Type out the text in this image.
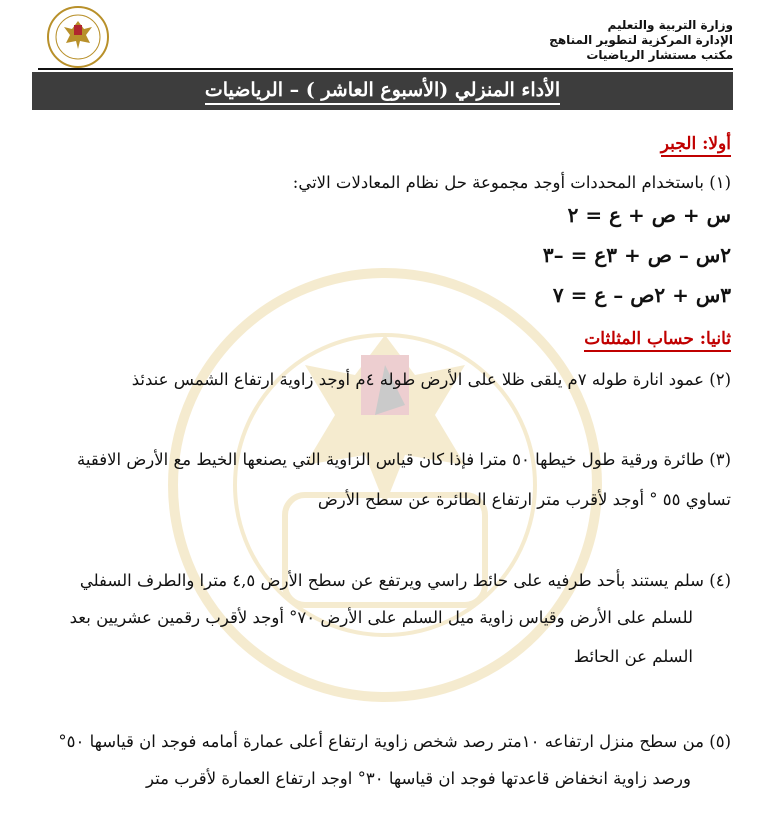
وزارة التربية والتعليم
الإدارة المركزية لتطوير المناهج
مكتب مستشار الرياضيات
الأداء المنزلي (الأسبوع العاشر ) – الرياضيات
أولا: الجبر
(١) باستخدام المحددات أوجد مجموعة حل نظام المعادلات الاتي:
س + ص + ع = ٢
٢س – ص + ٣ع = –٣
٣س + ٢ص – ع = ٧
ثانيا: حساب المثلثات
(٢) عمود انارة طوله ٧م يلقى ظلا على الأرض طوله ٤م أوجد زاوية ارتفاع الشمس عندئذ
(٣) طائرة ورقية طول خيطها ٥٠ مترا فإذا كان قياس الزاوية التي يصنعها الخيط مع الأرض الافقية
تساوي ٥٥ ° أوجد لأقرب متر ارتفاع الطائرة عن سطح الأرض
(٤) سلم يستند بأحد طرفيه على حائط راسي ويرتفع عن سطح الأرض ٤,٥ مترا والطرف السفلي
للسلم على الأرض وقياس زاوية ميل السلم على الأرض ٧٠° أوجد لأقرب رقمين عشريين بعد
السلم عن الحائط
(٥) من سطح منزل ارتفاعه ١٠متر رصد شخص زاوية ارتفاع أعلى عمارة أمامه فوجد ان قياسها ٥٠°
ورصد زاوية انخفاض قاعدتها فوجد ان قياسها ٣٠° اوجد ارتفاع العمارة لأقرب متر
